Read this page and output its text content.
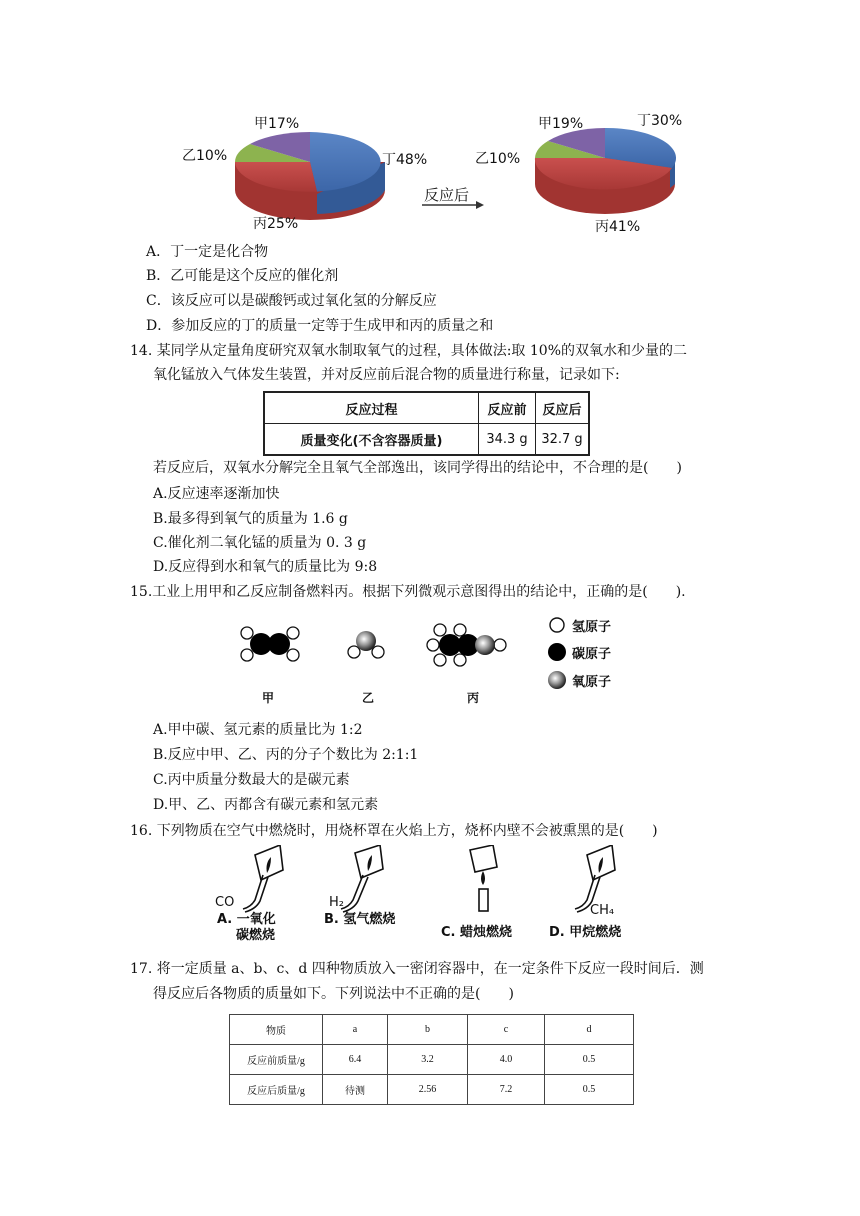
甲17%
乙10%	丁48%
丙25%
反应后
甲19%	丁30%
乙10%
丙41%
A．丁一定是化合物
B．乙可能是这个反应的催化剂
C．该反应可以是碳酸钙或过氧化氢的分解反应
D．参加反应的丁的质量一定等于生成甲和丙的质量之和
14. 某同学从定量角度研究双氧水制取氧气的过程，具体做法:取 10%的双氧水和少量的二
氧化锰放入气体发生装置，并对反应前后混合物的质量进行称量，记录如下:
反应过程	反应前	反应后
质量变化(不含容器质量)	34.3 g	32.7 g
若反应后，双氧水分解完全且氧气全部逸出，该同学得出的结论中，不合理的是(　　)
A.反应速率逐渐加快
B.最多得到氧气的质量为 1.6 g
C.催化剂二氧化锰的质量为 0. 3 g
D.反应得到水和氧气的质量比为 9:8
15.工业上用甲和乙反应制备燃料丙。根据下列微观示意图得出的结论中，正确的是(　　).
甲	乙	丙
氢原子
碳原子
氧原子
A.甲中碳、氢元素的质量比为 1:2
B.反应中甲、乙、丙的分子个数比为 2:1:1
C.丙中质量分数最大的是碳元素
D.甲、乙、丙都含有碳元素和氢元素
16. 下列物质在空气中燃烧时，用烧杯罩在火焰上方，烧杯内壁不会被熏黑的是(　　)
CO	H₂
CH₄
A. 一氧化
碳燃烧
B. 氢气燃烧
C. 蜡烛燃烧	D. 甲烷燃烧
17. 将一定质量 a、b、c、d 四种物质放入一密闭容器中，在一定条件下反应一段时间后．测
得反应后各物质的质量如下。下列说法中不正确的是(　　)
物质	a	b	c	d
反应前质量/g	6.4	3.2	4.0	0.5
反应后质量/g	待测	2.56	7.2	0.5
